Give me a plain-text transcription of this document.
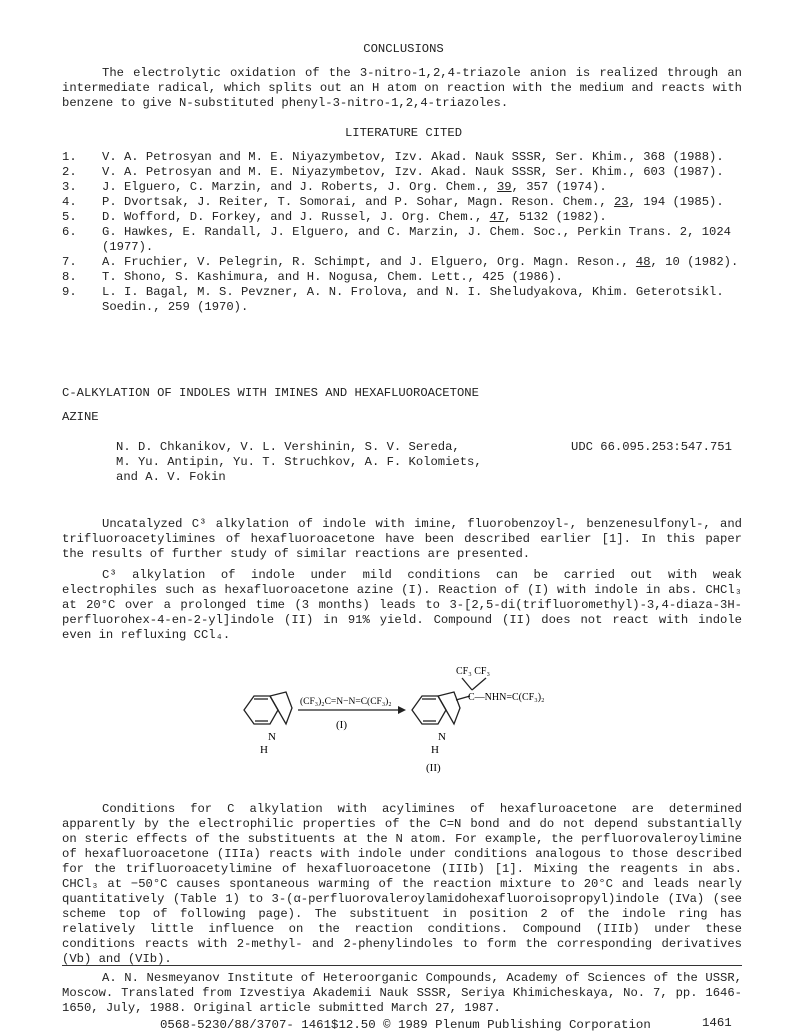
CONCLUSIONS
The electrolytic oxidation of the 3-nitro-1,2,4-triazole anion is realized through an intermediate radical, which splits out an H atom on reaction with the medium and reacts with benzene to give N-substituted phenyl-3-nitro-1,2,4-triazoles.
LITERATURE CITED
1.	V. A. Petrosyan and M. E. Niyazymbetov, Izv. Akad. Nauk SSSR, Ser. Khim., 368 (1988).
2.	V. A. Petrosyan and M. E. Niyazymbetov, Izv. Akad. Nauk SSSR, Ser. Khim., 603 (1987).
3.	J. Elguero, C. Marzin, and J. Roberts, J. Org. Chem., 39, 357 (1974).
4.	P. Dvortsak, J. Reiter, T. Somorai, and P. Sohar, Magn. Reson. Chem., 23, 194 (1985).
5.	D. Wofford, D. Forkey, and J. Russel, J. Org. Chem., 47, 5132 (1982).
6.	G. Hawkes, E. Randall, J. Elguero, and C. Marzin, J. Chem. Soc., Perkin Trans. 2, 1024 (1977).
7.	A. Fruchier, V. Pelegrin, R. Schimpt, and J. Elguero, Org. Magn. Reson., 48, 10 (1982).
8.	T. Shono, S. Kashimura, and H. Nogusa, Chem. Lett., 425 (1986).
9.	L. I. Bagal, M. S. Pevzner, A. N. Frolova, and N. I. Sheludyakova, Khim. Geterotsikl. Soedin., 259 (1970).
C-ALKYLATION OF INDOLES WITH IMINES AND HEXAFLUOROACETONE
AZINE
N. D. Chkanikov, V. L. Vershinin, S. V. Sereda,
M. Yu. Antipin, Yu. T. Struchkov, A. F. Kolomiets,
and A. V. Fokin
UDC 66.095.253:547.751
Uncatalyzed C³ alkylation of indole with imine, fluorobenzoyl-, benzenesulfonyl-, and trifluoroacetylimines of hexafluoroacetone have been described earlier [1]. In this paper the results of further study of similar reactions are presented.
C³ alkylation of indole under mild conditions can be carried out with weak electrophiles such as hexafluoroacetone azine (I). Reaction of (I) with indole in abs. CHCl₃ at 20°C over a prolonged time (3 months) leads to 3-[2,5-di(trifluoromethyl)-3,4-diaza-3H-perfluorohex-4-en-2-yl]indole (II) in 91% yield. Compound (II) does not react with indole even in refluxing CCl₄.
N
H
(CF₃)₂C=N−N=C(CF₃)₂
(I)
N
H
CF₃ CF₃
C—NHN=C(CF₃)₂
(II)
Conditions for C alkylation with acylimines of hexafluroacetone are determined apparently by the electrophilic properties of the C=N bond and do not depend substantially on steric effects of the substituents at the N atom. For example, the perfluorovaleroylimine of hexafluoroacetone (IIIa) reacts with indole under conditions analogous to those described for the trifluoroacetylimine of hexafluoroacetone (IIIb) [1]. Mixing the reagents in abs. CHCl₃ at −50°C causes spontaneous warming of the reaction mixture to 20°C and leads nearly quantitatively (Table 1) to 3-(α-perfluorovaleroylamidohexafluoroisopropyl)indole (IVa) (see scheme top of following page). The substituent in position 2 of the indole ring has relatively little influence on the reaction conditions. Compound (IIIb) under these conditions reacts with 2-methyl- and 2-phenylindoles to form the corresponding derivatives (Vb) and (VIb).
A. N. Nesmeyanov Institute of Heteroorganic Compounds, Academy of Sciences of the USSR, Moscow. Translated from Izvestiya Akademii Nauk SSSR, Seriya Khimicheskaya, No. 7, pp. 1646-1650, July, 1988. Original article submitted March 27, 1987.
0568-5230/88/3707- 1461$12.50 © 1989 Plenum Publishing Corporation	1461
